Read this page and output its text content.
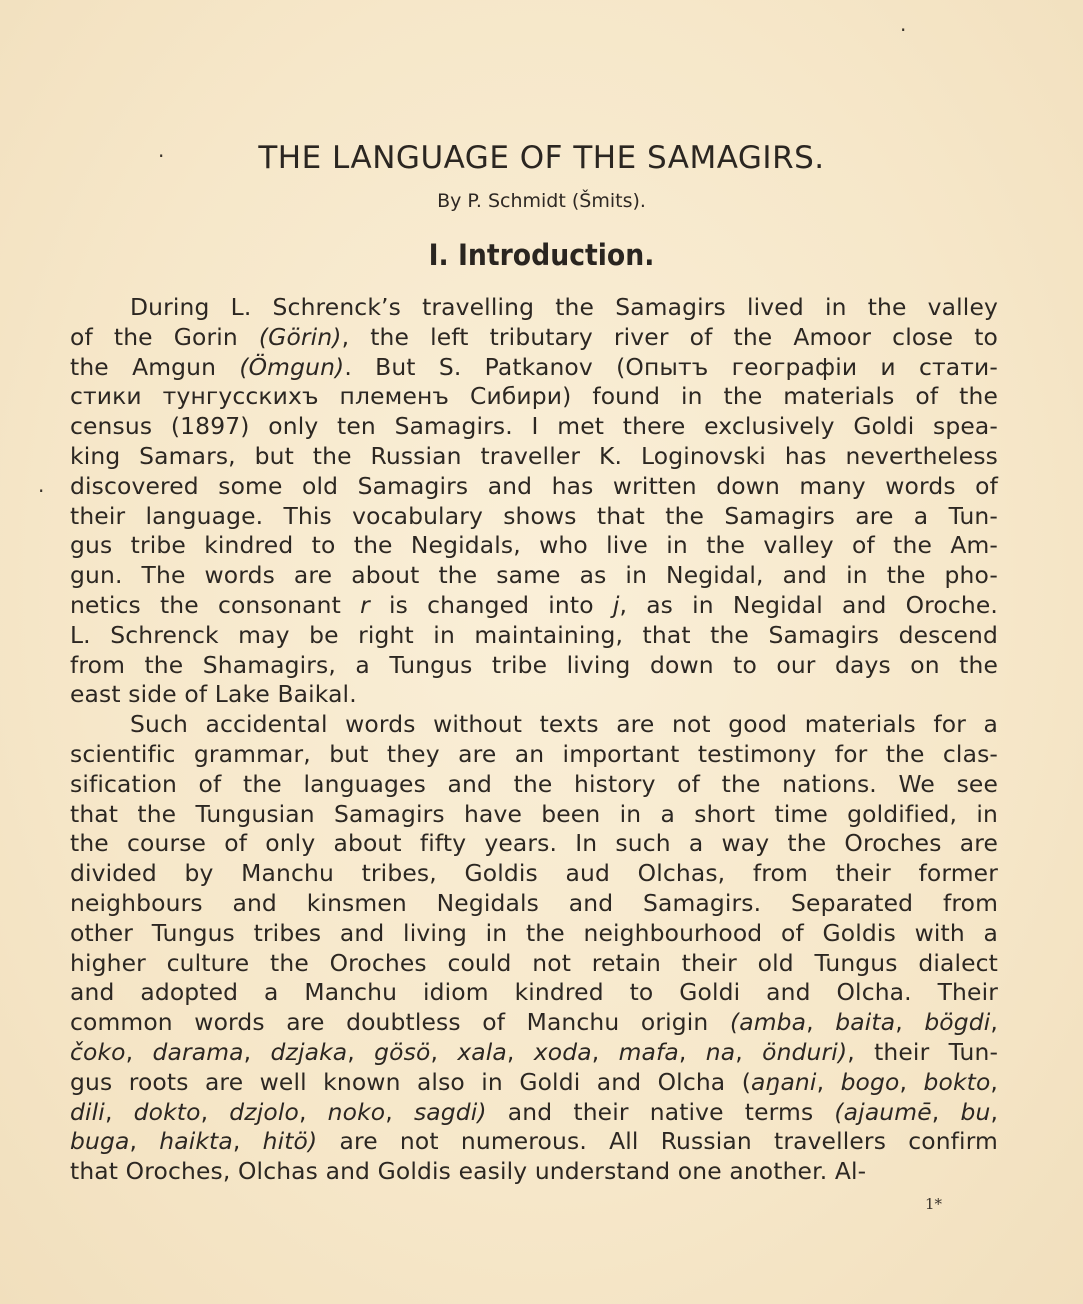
THE LANGUAGE OF THE SAMAGIRS.

By P. Schmidt (Šmits).

I. Introduction.
During L. Schrenck’s travelling the Samagirs lived in the valley
of the Gorin (Görin), the left tributary river of the Amoor close to
the Amgun (Ömgun). But S. Patkanov (Опытъ географіи и стати-
стики тунгусскихъ племенъ Сибири) found in the materials of the
census (1897) only ten Samagirs. I met there exclusively Goldi spea-
king Samars, but the Russian traveller K. Loginovski has nevertheless
discovered some old Samagirs and has written down many words of
their language. This vocabulary shows that the Samagirs are a Tun-
gus tribe kindred to the Negidals, who live in the valley of the Am-
gun. The words are about the same as in Negidal, and in the pho-
netics the consonant r is changed into j, as in Negidal and Oroche.
L. Schrenck may be right in maintaining, that the Samagirs descend
from the Shamagirs, a Tungus tribe living down to our days on the
east side of Lake Baikal.
Such accidental words without texts are not good materials for a
scientific grammar, but they are an important testimony for the clas-
sification of the languages and the history of the nations. We see
that the Tungusian Samagirs have been in a short time goldified, in
the course of only about fifty years. In such a way the Oroches are
divided by Manchu tribes, Goldis aud Olchas, from their former
neighbours and kinsmen Negidals and Samagirs. Separated from
other Tungus tribes and living in the neighbourhood of Goldis with a
higher culture the Oroches could not retain their old Tungus dialect
and adopted a Manchu idiom kindred to Goldi and Olcha. Their
common words are doubtless of Manchu origin (amba, baita, bögdi,
čoko, darama, dzjaka, gösö, xala, xoda, mafa, na, önduri), their Tun-
gus roots are well known also in Goldi and Olcha (aŋani, bogo, bokto,
dili, dokto, dzjolo, noko, sagdi) and their native terms (ajaumē, bu,
buga, haikta, hitö) are not numerous. All Russian travellers confirm
that Oroches, Olchas and Goldis easily understand one another. Al-
·
·
·
1*
